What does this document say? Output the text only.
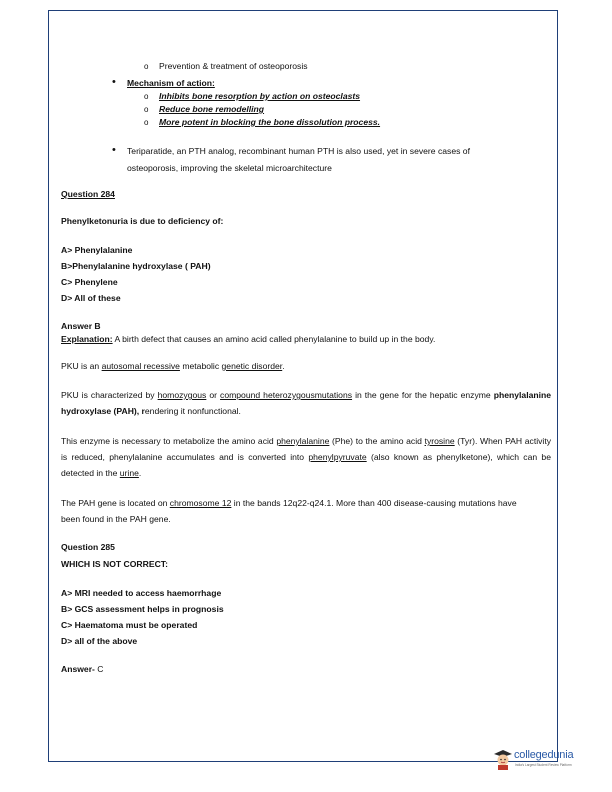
o Prevention & treatment of osteoporosis
• Mechanism of action:
o Inhibits bone resorption by action on osteoclasts
o Reduce bone remodelling
o More potent in blocking the bone dissolution process.
• Teriparatide, an PTH analog, recombinant human PTH is also used, yet in severe cases of osteoporosis, improving the skeletal microarchitecture
Question 284
Phenylketonuria is due to deficiency of:
A> Phenylalanine
B>Phenylalanine hydroxylase ( PAH)
C> Phenylene
D> All of these
Answer B
Explanation: A birth defect that causes an amino acid called phenylalanine to build up in the body.
PKU is an autosomal recessive metabolic genetic disorder.
PKU is characterized by homozygous or compound heterozygousmutations in the gene for the hepatic enzyme phenylalanine hydroxylase (PAH), rendering it nonfunctional.
This enzyme is necessary to metabolize the amino acid phenylalanine (Phe) to the amino acid tyrosine (Tyr). When PAH activity is reduced, phenylalanine accumulates and is converted into phenylpyruvate (also known as phenylketone), which can be detected in the urine.
The PAH gene is located on chromosome 12 in the bands 12q22-q24.1. More than 400 disease-causing mutations have been found in the PAH gene.
Question 285
WHICH IS NOT CORRECT:
A> MRI needed to access haemorrhage
B> GCS assessment helps in prognosis
C> Haematoma must be operated
D> all of the above
Answer- C
collegedunia
India's Largest Student Review Platform
